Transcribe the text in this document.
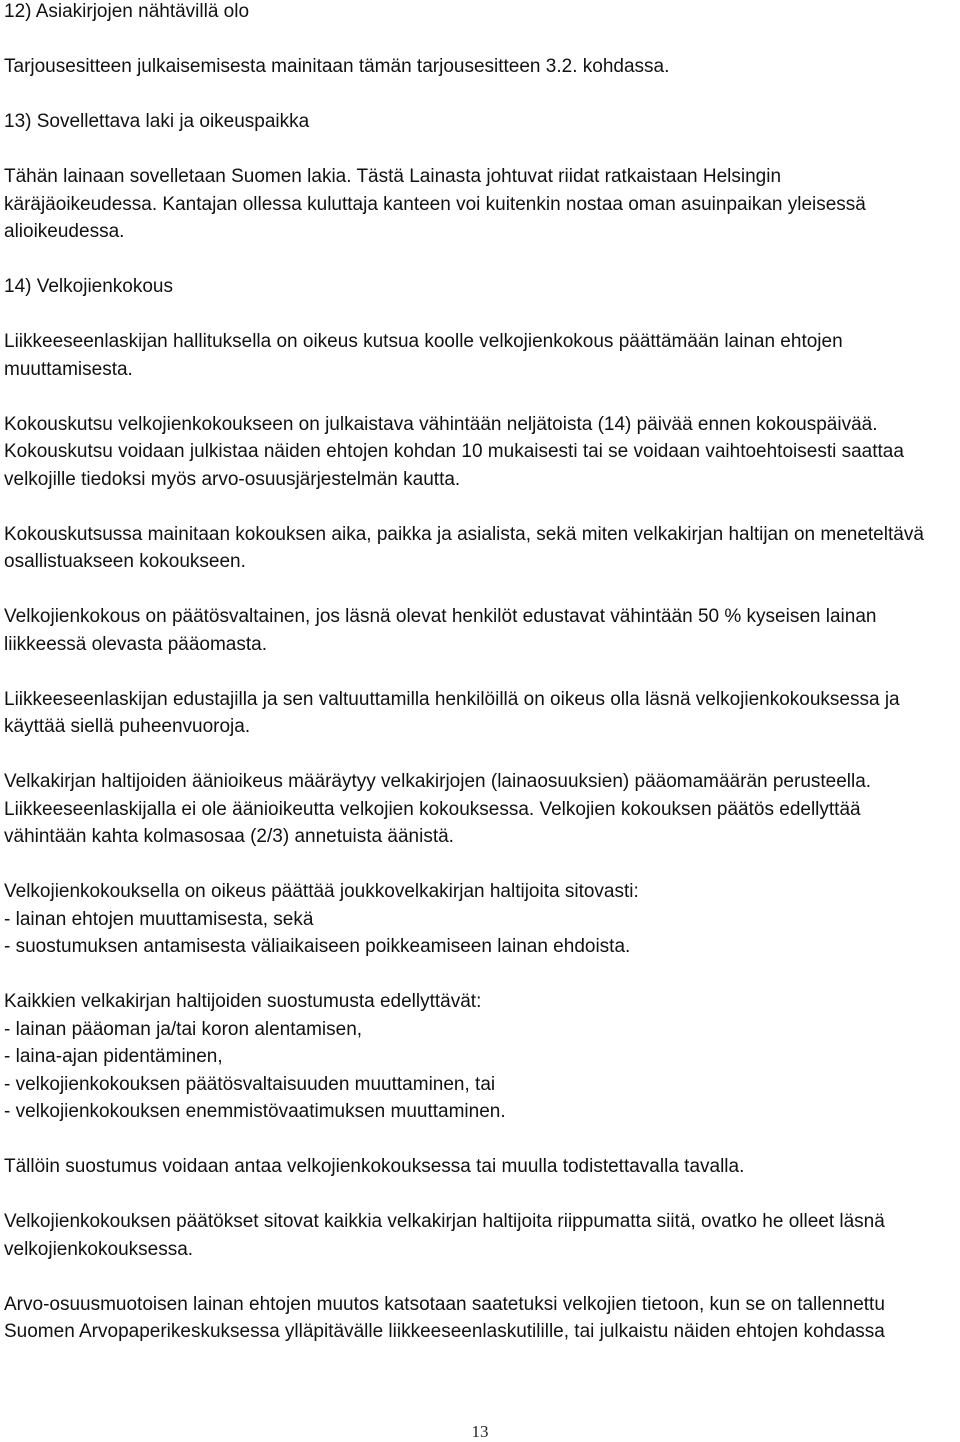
12) Asiakirjojen nähtävillä olo

Tarjousesitteen julkaisemisesta mainitaan tämän tarjousesitteen 3.2. kohdassa.

13) Sovellettava laki ja oikeuspaikka

Tähän lainaan sovelletaan Suomen lakia. Tästä Lainasta johtuvat riidat ratkaistaan Helsingin
käräjäoikeudessa. Kantajan ollessa kuluttaja kanteen voi kuitenkin nostaa oman asuinpaikan yleisessä
alioikeudessa.

14) Velkojienkokous

Liikkeeseenlaskijan hallituksella on oikeus kutsua koolle velkojienkokous päättämään lainan ehtojen
muuttamisesta.

Kokouskutsu velkojienkokoukseen on julkaistava vähintään neljätoista (14) päivää ennen kokouspäivää.
Kokouskutsu voidaan julkistaa näiden ehtojen kohdan 10 mukaisesti tai se voidaan vaihtoehtoisesti saattaa
velkojille tiedoksi myös arvo-osuusjärjestelmän kautta.

Kokouskutsussa mainitaan kokouksen aika, paikka ja asialista, sekä miten velkakirjan haltijan on meneteltävä
osallistuakseen kokoukseen.

Velkojienkokous on päätösvaltainen, jos läsnä olevat henkilöt edustavat vähintään 50 % kyseisen lainan
liikkeessä olevasta pääomasta.

Liikkeeseenlaskijan edustajilla ja sen valtuuttamilla henkilöillä on oikeus olla läsnä velkojienkokouksessa ja
käyttää siellä puheenvuoroja.

Velkakirjan haltijoiden äänioikeus määräytyy velkakirjojen (lainaosuuksien) pääomamäärän perusteella.
Liikkeeseenlaskijalla ei ole äänioikeutta velkojien kokouksessa. Velkojien kokouksen päätös edellyttää
vähintään kahta kolmasosaa (2/3) annetuista äänistä.

Velkojienkokouksella on oikeus päättää joukkovelkakirjan haltijoita sitovasti:
- lainan ehtojen muuttamisesta, sekä
- suostumuksen antamisesta väliaikaiseen poikkeamiseen lainan ehdoista.

Kaikkien velkakirjan haltijoiden suostumusta edellyttävät:
- lainan pääoman ja/tai koron alentamisen,
- laina-ajan pidentäminen,
- velkojienkokouksen päätösvaltaisuuden muuttaminen, tai
- velkojienkokouksen enemmistövaatimuksen muuttaminen.

Tällöin suostumus voidaan antaa velkojienkokouksessa tai muulla todistettavalla tavalla.

Velkojienkokouksen päätökset sitovat kaikkia velkakirjan haltijoita riippumatta siitä, ovatko he olleet läsnä
velkojienkokouksessa.

Arvo-osuusmuotoisen lainan ehtojen muutos katsotaan saatetuksi velkojien tietoon, kun se on tallennettu
Suomen Arvopaperikeskuksessa ylläpitävälle liikkeeseenlaskutilille, tai julkaistu näiden ehtojen kohdassa

13
